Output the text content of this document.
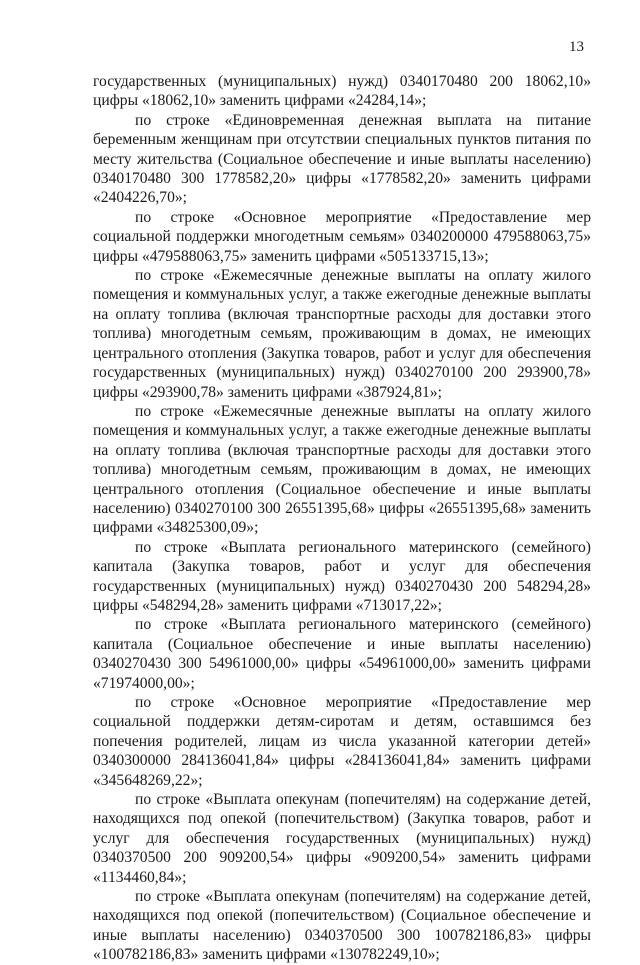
13

государственных (муниципальных) нужд) 0340170480 200 18062,10» цифры «18062,10» заменить цифрами «24284,14»;

по строке «Единовременная денежная выплата на питание беременным женщинам при отсутствии специальных пунктов питания по месту жительства (Социальное обеспечение и иные выплаты населению) 0340170480 300 1778582,20» цифры «1778582,20» заменить цифрами «2404226,70»;

по строке «Основное мероприятие «Предоставление мер социальной поддержки многодетным семьям» 0340200000 479588063,75» цифры «479588063,75» заменить цифрами «505133715,13»;

по строке «Ежемесячные денежные выплаты на оплату жилого помещения и коммунальных услуг, а также ежегодные денежные выплаты на оплату топлива (включая транспортные расходы для доставки этого топлива) многодетным семьям, проживающим в домах, не имеющих центрального отопления (Закупка товаров, работ и услуг для обеспечения государственных (муниципальных) нужд) 0340270100 200 293900,78» цифры «293900,78» заменить цифрами «387924,81»;

по строке «Ежемесячные денежные выплаты на оплату жилого помещения и коммунальных услуг, а также ежегодные денежные выплаты на оплату топлива (включая транспортные расходы для доставки этого топлива) многодетным семьям, проживающим в домах, не имеющих центрального отопления (Социальное обеспечение и иные выплаты населению) 0340270100 300 26551395,68» цифры «26551395,68» заменить цифрами «34825300,09»;

по строке «Выплата регионального материнского (семейного) капитала (Закупка товаров, работ и услуг для обеспечения государственных (муниципальных) нужд) 0340270430 200 548294,28» цифры «548294,28» заменить цифрами «713017,22»;

по строке «Выплата регионального материнского (семейного) капитала (Социальное обеспечение и иные выплаты населению) 0340270430 300 54961000,00» цифры «54961000,00» заменить цифрами «71974000,00»;

по строке «Основное мероприятие «Предоставление мер социальной поддержки детям-сиротам и детям, оставшимся без попечения родителей, лицам из числа указанной категории детей» 0340300000 284136041,84» цифры «284136041,84» заменить цифрами «345648269,22»;

по строке «Выплата опекунам (попечителям) на содержание детей, находящихся под опекой (попечительством) (Закупка товаров, работ и услуг для обеспечения государственных (муниципальных) нужд) 0340370500 200 909200,54» цифры «909200,54» заменить цифрами «1134460,84»;

по строке «Выплата опекунам (попечителям) на содержание детей, находящихся под опекой (попечительством) (Социальное обеспечение и иные выплаты населению) 0340370500 300 100782186,83» цифры «100782186,83» заменить цифрами «130782249,10»;
